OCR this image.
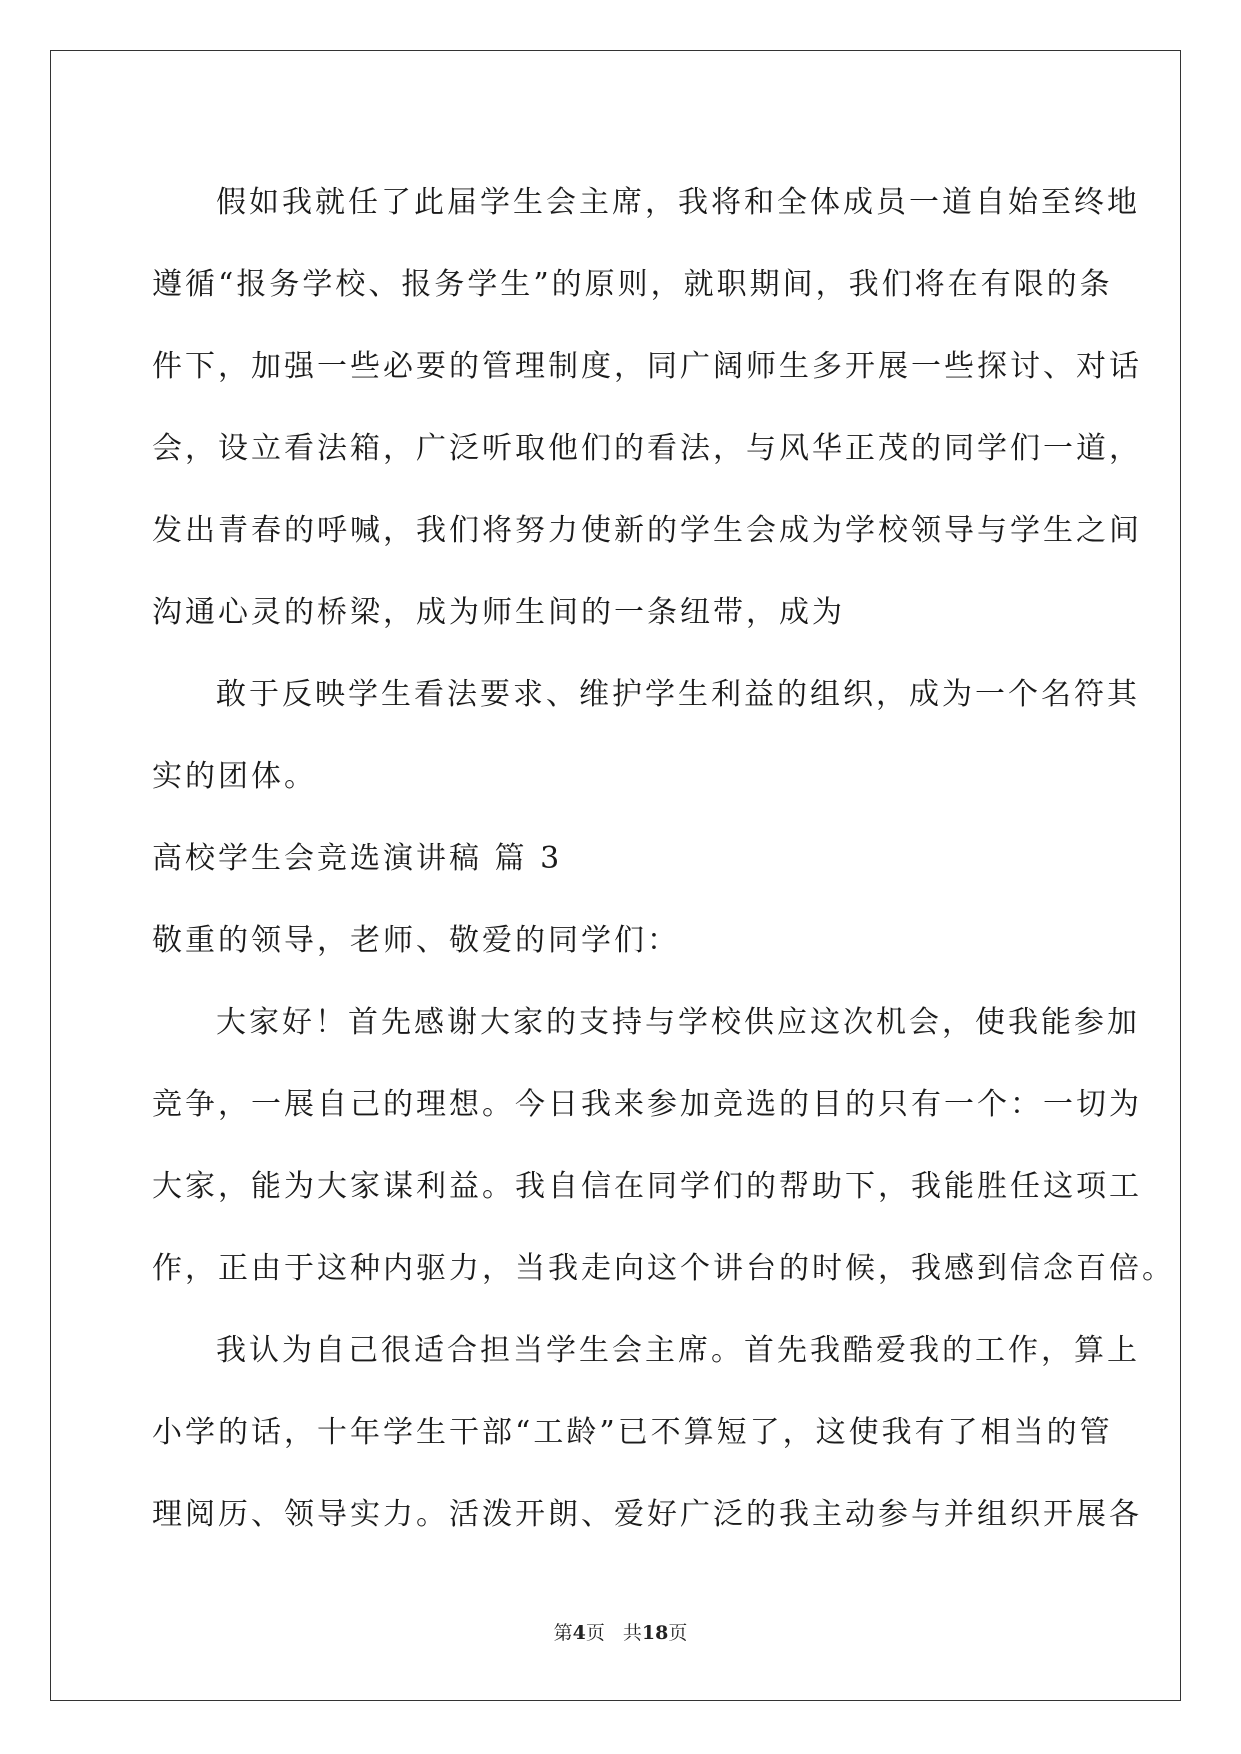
假如我就任了此届学生会主席，我将和全体成员一道自始至终地
遵循“报务学校、报务学生”的原则，就职期间，我们将在有限的条
件下，加强一些必要的管理制度，同广阔师生多开展一些探讨、对话
会，设立看法箱，广泛听取他们的看法，与风华正茂的同学们一道，
发出青春的呼喊，我们将努力使新的学生会成为学校领导与学生之间
沟通心灵的桥梁，成为师生间的一条纽带，成为
敢于反映学生看法要求、维护学生利益的组织，成为一个名符其
实的团体。
高校学生会竞选演讲稿 篇 3
敬重的领导，老师、敬爱的同学们：
大家好！首先感谢大家的支持与学校供应这次机会，使我能参加
竞争，一展自己的理想。今日我来参加竞选的目的只有一个：一切为
大家，能为大家谋利益。我自信在同学们的帮助下，我能胜任这项工
作，正由于这种内驱力，当我走向这个讲台的时候，我感到信念百倍。
我认为自己很适合担当学生会主席。首先我酷爱我的工作，算上
小学的话，十年学生干部“工龄”已不算短了，这使我有了相当的管
理阅历、领导实力。活泼开朗、爱好广泛的我主动参与并组织开展各
第4页 共18页
